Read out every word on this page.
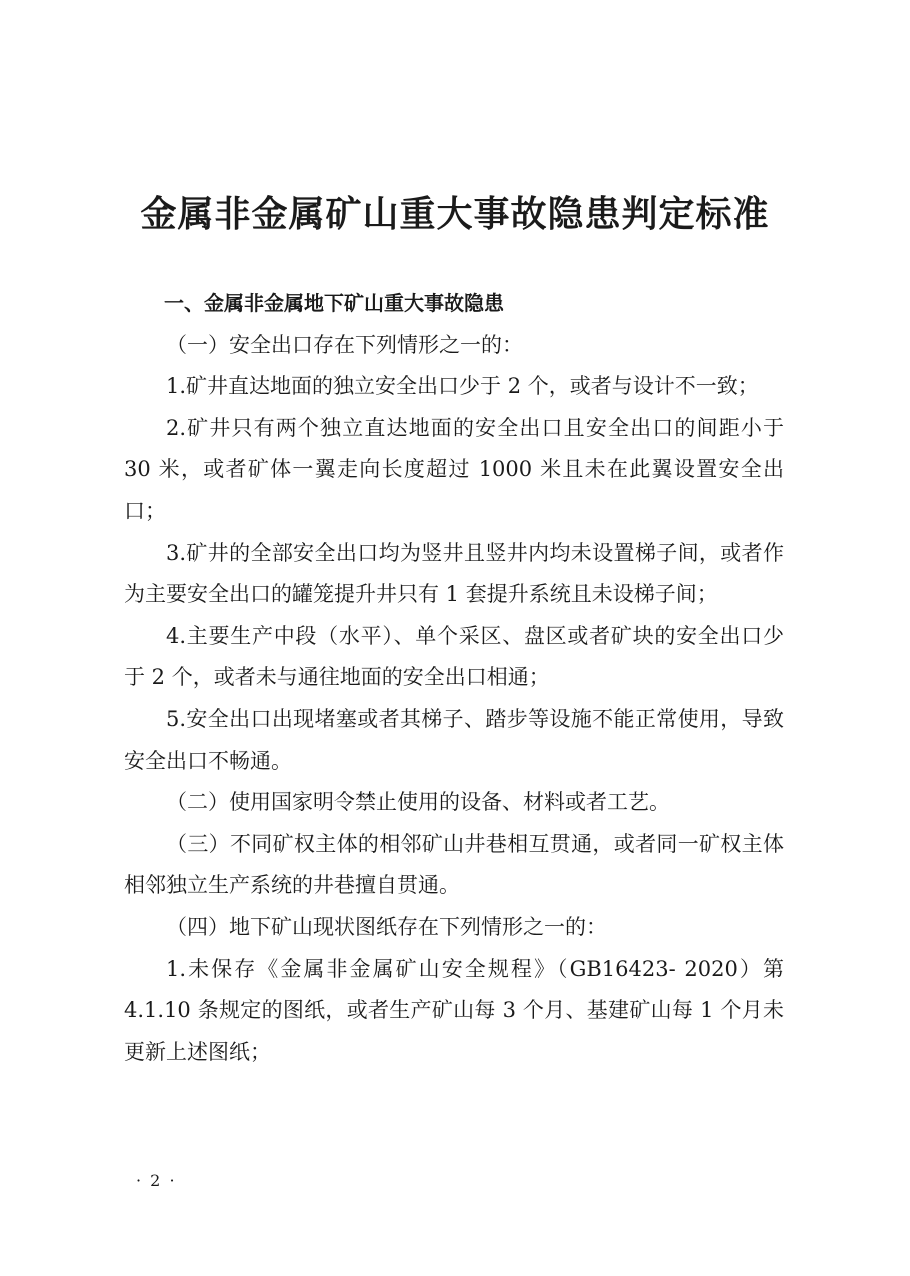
金属非金属矿山重大事故隐患判定标准

一、金属非金属地下矿山重大事故隐患

（一）安全出口存在下列情形之一的：

1.矿井直达地面的独立安全出口少于 2 个，或者与设计不一致；

2.矿井只有两个独立直达地面的安全出口且安全出口的间距小于 30 米，或者矿体一翼走向长度超过 1000 米且未在此翼设置安全出口；

3.矿井的全部安全出口均为竖井且竖井内均未设置梯子间，或者作为主要安全出口的罐笼提升井只有 1 套提升系统且未设梯子间；

4.主要生产中段（水平）、单个采区、盘区或者矿块的安全出口少于 2 个，或者未与通往地面的安全出口相通；

5.安全出口出现堵塞或者其梯子、踏步等设施不能正常使用，导致安全出口不畅通。

（二）使用国家明令禁止使用的设备、材料或者工艺。

（三）不同矿权主体的相邻矿山井巷相互贯通，或者同一矿权主体相邻独立生产系统的井巷擅自贯通。

（四）地下矿山现状图纸存在下列情形之一的：

1.未保存《金属非金属矿山安全规程》（GB16423- 2020）第 4.1.10 条规定的图纸，或者生产矿山每 3 个月、基建矿山每 1 个月未更新上述图纸；

· 2 ·
